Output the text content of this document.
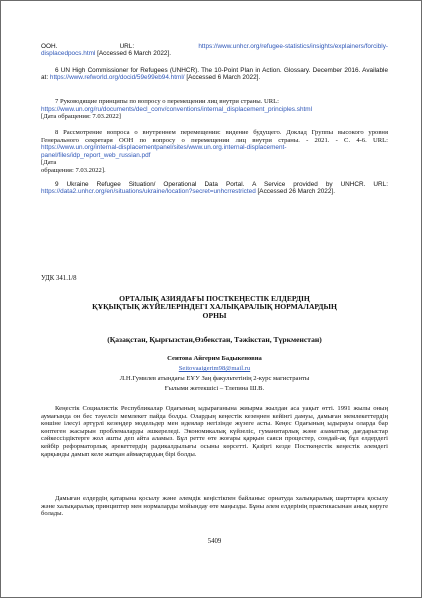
ООН.	URL:	https://www.unhcr.org/refugee-statistics/insights/explainers/forcibly-displacedpocs.html [Accessed 6 March 2022].
6 UN High Commissioner for Refugees (UNHCR). The 10-Point Plan in Action. Glossary. December 2016. Available at: https://www.refworld.org/docid/59e99eb94.html/ [Accessed 6 March 2022].
7 Руководящие принципы по вопросу о перемещении лиц внутри страны. URL: https://www.un.org/ru/documents/decl_conv/conventions/internal_displacement_principles.shtml
[Дата обращения: 7.03.2022]
8 Рассмотрение вопроса о внутреннем перемещении: видение будущего. Доклад Группы высокого уровня Генерального секретаря ООН по вопросу о перемещении лиц внутри страны. - 2021. - С. 4-6. URL: https://www.un.org/internal-displacementpanel/sites/www.un.org.internal-displacement-panel/files/idp_report_web_russian.pdf
[Дата
обращения: 7.03.2022].
9 Ukraine Refugee Situation/ Operational Data Portal. A Service provided by UNHCR. URL: https://data2.unhcr.org/en/situations/ukraine/location?secret=unhcrrestricted [Accessed 26 March 2022].
УДК 341.1/8
ОРТАЛЫҚ АЗИЯДАҒЫ ПОСТКЕҢЕСТІК ЕЛДЕРДІҢ
ҚҰҚЫҚТЫҚ ЖҮЙЕЛЕРІНДЕГІ ХАЛЫҚАРАЛЫҚ НОРМАЛАРДЫҢ
ОРНЫ
(Қазақстан, Қырғызстан,Өзбекстан, Тәжікстан, Түркменстан)
Сеитова Айгерим Бадыкеновна
Seitovaaigerim98@mail.ru
Л.Н.Гумилев атындағы ЕҰУ Заң факультетінің 2-курс магистранты
Ғылыми жетекшісі – Тлепина Ш.В.
Кеңестік Социалистік Республикалар Одағының ыдырағанына жиырма жылдан аса уақыт өтті. 1991 жылы оның аумағында он бес тәуелсіз мемлекет пайда болды. Олардың кеңестік кезеңнен кейінгі дамуы, дамыған мемлекеттердің көшіне ілесуі әртүрлі кезеңдер модельдер мен идеялар негізінде жүзеге асты. Кеңес Одағының ыдырауы оларда бар көптеген жасырын проблемаларды әшкереледі. Экономикалық күйзеліс, гуманитарлық және азаматтық дағдарыстар сәйкессіздіктерге жол ашты деп айта аламыз. Бұл ретте өте жоғары қарқын саяси процестер, сондай-ақ бұл елдердегі кейбір реформаторлық әрекеттердің радикалдылығы осыны көрсетті. Қазіргі кезде Посткеңестік кеңестік әлемдегі қарқынды дамып келе жатқан аймақтардың бірі болды.
Дамыған елдердің қатарына қосылу және әлемдік кеңістікпен байланыс орнатуда халықаралық шарттарға қосылу және халықаралық принциптер мен нормаларды мойындау өте маңызды. Бұны әлем елдерінің практикасынан анық көруге болады.
5409
